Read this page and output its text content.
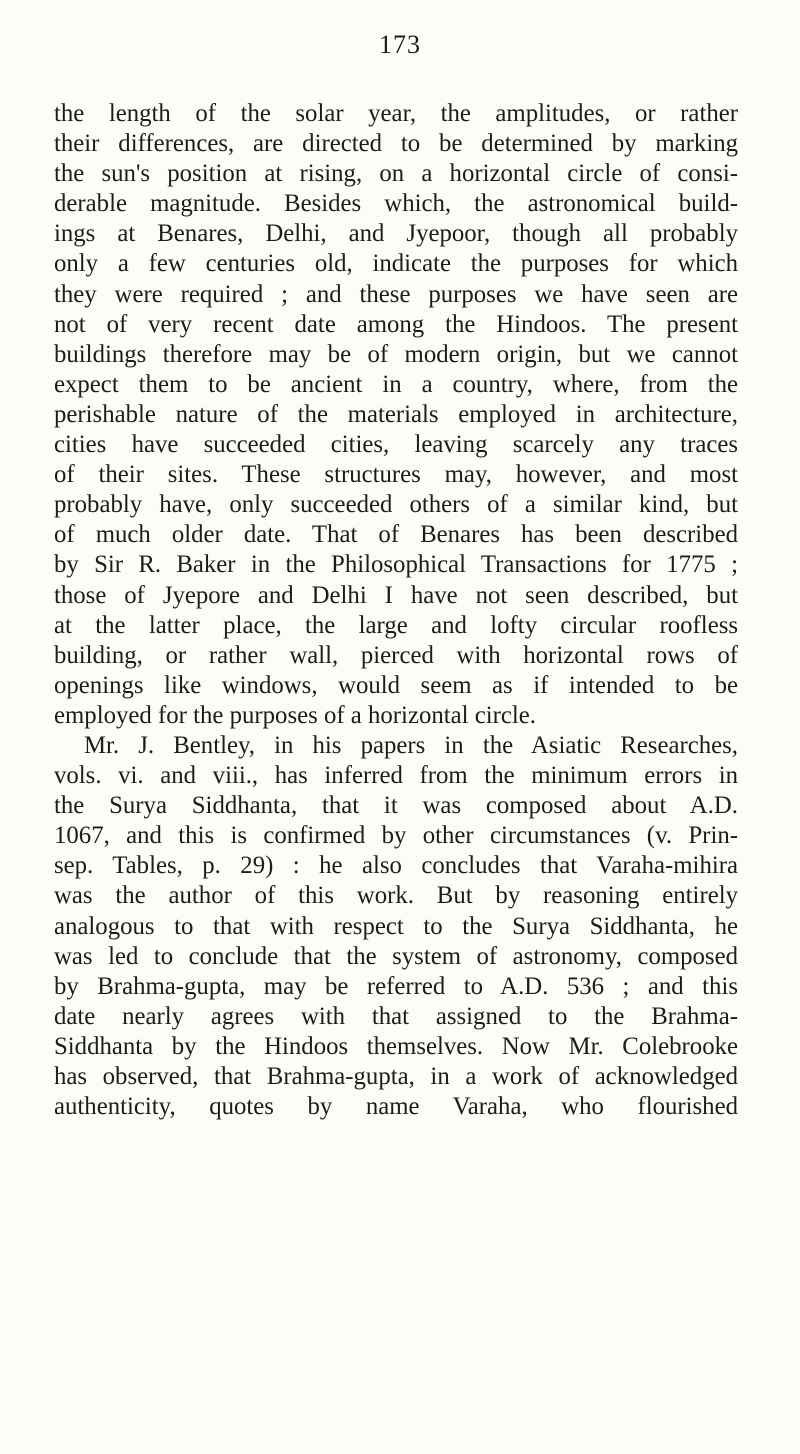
173
the length of the solar year, the amplitudes, or rather
their differences, are directed to be determined by marking
the sun's position at rising, on a horizontal circle of consi-
derable magnitude. Besides which, the astronomical build-
ings at Benares, Delhi, and Jyepoor, though all probably
only a few centuries old, indicate the purposes for which
they were required ; and these purposes we have seen are
not of very recent date among the Hindoos. The present
buildings therefore may be of modern origin, but we cannot
expect them to be ancient in a country, where, from the
perishable nature of the materials employed in architecture,
cities have succeeded cities, leaving scarcely any traces
of their sites. These structures may, however, and most
probably have, only succeeded others of a similar kind, but
of much older date. That of Benares has been described
by Sir R. Baker in the Philosophical Transactions for 1775 ;
those of Jyepore and Delhi I have not seen described, but
at the latter place, the large and lofty circular roofless
building, or rather wall, pierced with horizontal rows of
openings like windows, would seem as if intended to be
employed for the purposes of a horizontal circle.
Mr. J. Bentley, in his papers in the Asiatic Researches,
vols. vi. and viii., has inferred from the minimum errors in
the Surya Siddhanta, that it was composed about A.D.
1067, and this is confirmed by other circumstances (v. Prin-
sep. Tables, p. 29) : he also concludes that Varaha-mihira
was the author of this work. But by reasoning entirely
analogous to that with respect to the Surya Siddhanta, he
was led to conclude that the system of astronomy, composed
by Brahma-gupta, may be referred to A.D. 536 ; and this
date nearly agrees with that assigned to the Brahma-
Siddhanta by the Hindoos themselves. Now Mr. Colebrooke
has observed, that Brahma-gupta, in a work of acknowledged
authenticity, quotes by name Varaha, who flourished
